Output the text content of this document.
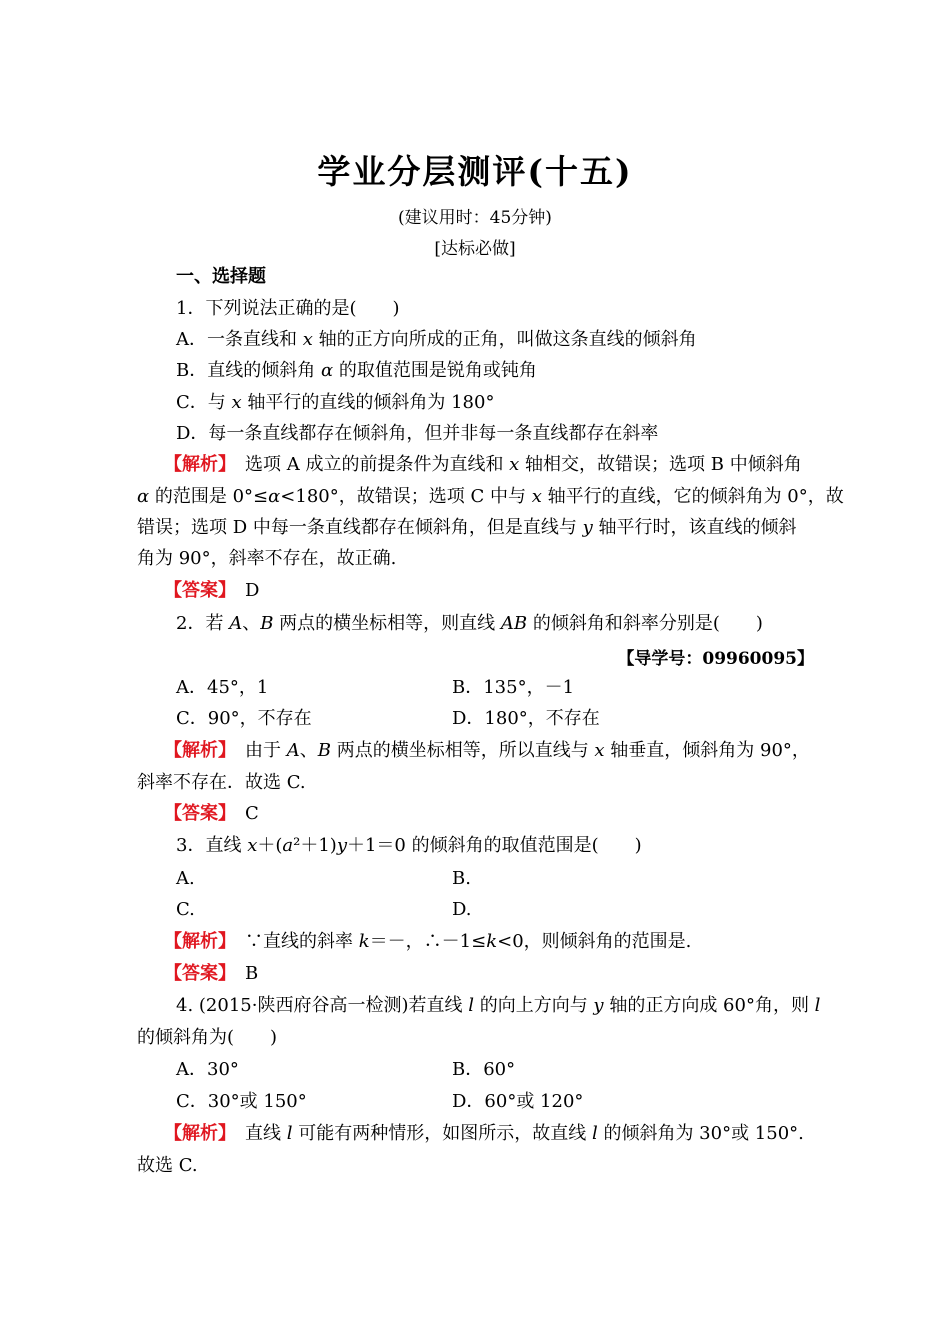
学业分层测评(十五)
(建议用时：45分钟)
[达标必做]
一、选择题
1．下列说法正确的是(　　)
A．一条直线和 x 轴的正方向所成的正角，叫做这条直线的倾斜角
B．直线的倾斜角 α 的取值范围是锐角或钝角
C．与 x 轴平行的直线的倾斜角为 180°
D．每一条直线都存在倾斜角，但并非每一条直线都存在斜率
【解析】　选项 A 成立的前提条件为直线和 x 轴相交，故错误；选项 B 中倾斜角
α 的范围是 0°≤α<180°，故错误；选项 C 中与 x 轴平行的直线，它的倾斜角为 0°，故
错误；选项 D 中每一条直线都存在倾斜角，但是直线与 y 轴平行时，该直线的倾斜
角为 90°，斜率不存在，故正确.
【答案】　D
2．若 A、B 两点的横坐标相等，则直线 AB 的倾斜角和斜率分别是(　　)
【导学号：09960095】
A．45°，1	B．135°，－1
C．90°，不存在	D．180°，不存在
【解析】　由于 A、B 两点的横坐标相等，所以直线与 x 轴垂直，倾斜角为 90°，
斜率不存在．故选 C.
【答案】　C
3．直线 x＋(a²＋1)y＋1＝0 的倾斜角的取值范围是(　　)
A.	B.
C.	D.
【解析】　∵直线的斜率 k＝－，∴－1≤k<0，则倾斜角的范围是.
【答案】　B
4. (2015·陕西府谷高一检测)若直线 l 的向上方向与 y 轴的正方向成 60°角，则 l
的倾斜角为(　　)
A．30°	B．60°
C．30°或 150°	D．60°或 120°
【解析】　直线 l 可能有两种情形，如图所示，故直线 l 的倾斜角为 30°或 150°.
故选 C.
